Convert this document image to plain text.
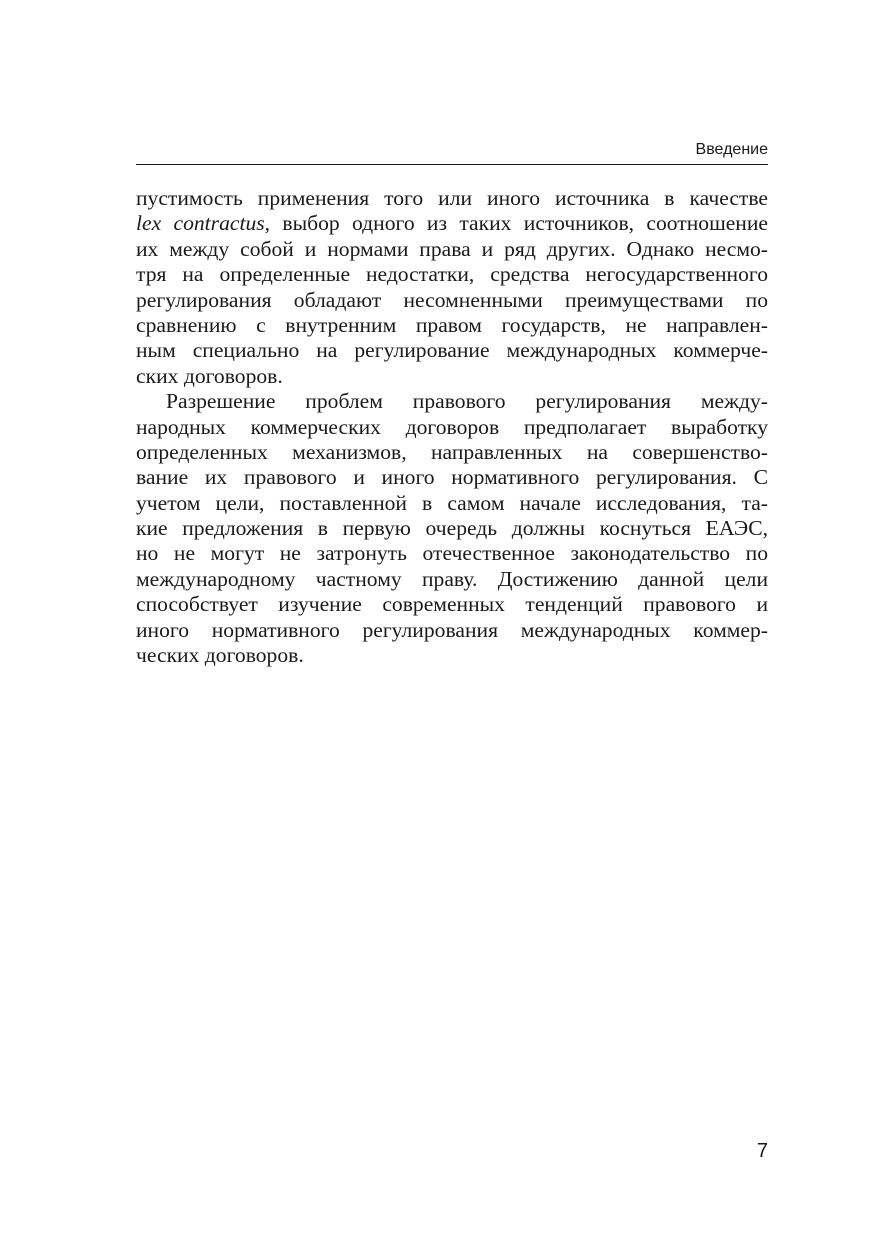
Введение
пустимость применения того или иного источника в качестве
lex contractus, выбор одного из таких источников, соотношение
их между собой и нормами права и ряд других. Однако несмо-
тря на определенные недостатки, средства негосударственного
регулирования обладают несомненными преимуществами по
сравнению с внутренним правом государств, не направлен-
ным специально на регулирование международных коммерче-
ских договоров.
Разрешение проблем правового регулирования между-
народных коммерческих договоров предполагает выработку
определенных механизмов, направленных на совершенство-
вание их правового и иного нормативного регулирования. С
учетом цели, поставленной в самом начале исследования, та-
кие предложения в первую очередь должны коснуться ЕАЭС,
но не могут не затронуть отечественное законодательство по
международному частному праву. Достижению данной цели
способствует изучение современных тенденций правового и
иного нормативного регулирования международных коммер-
ческих договоров.
7
